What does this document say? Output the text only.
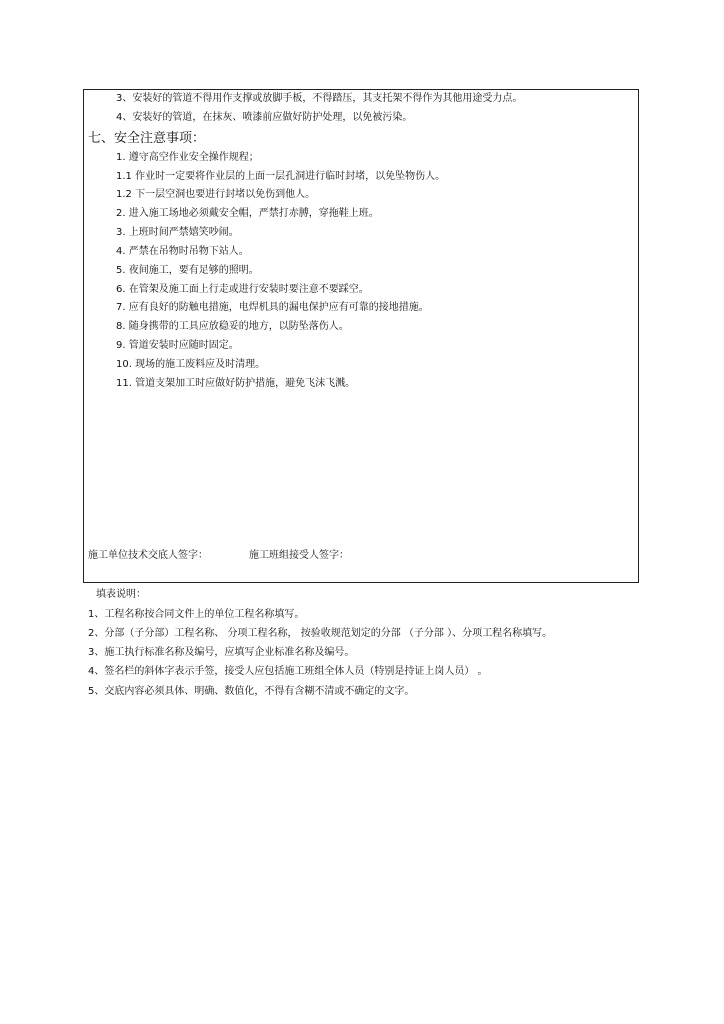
3、安装好的管道不得用作支撑或放脚手板，不得踏压，其支托架不得作为其他用途受力点。
4、安装好的管道，在抹灰、喷漆前应做好防护处理，以免被污染。
七、安全注意事项：
1. 遵守高空作业安全操作规程；
1.1 作业时一定要将作业层的上面一层孔洞进行临时封堵，以免坠物伤人。
1.2 下一层空洞也要进行封堵以免伤到他人。
2. 进入施工场地必须戴安全帽，严禁打赤膊，穿拖鞋上班。
3. 上班时间严禁嬉笑吵闹。
4. 严禁在吊物时吊物下站人。
5. 夜间施工，要有足够的照明。
6. 在管架及施工面上行走或进行安装时要注意不要踩空。
7. 应有良好的防触电措施，电焊机具的漏电保护应有可靠的接地措施。
8. 随身携带的工具应放稳妥的地方，以防坠落伤人。
9. 管道安装时应随时固定。
10. 现场的施工废料应及时清理。
11. 管道支架加工时应做好防护措施，避免飞沫飞溅。
施工单位技术交底人签字：	施工班组接受人签字：
填表说明：
1、工程名称按合同文件上的单位工程名称填写。
2、分部（子分部）工程名称、 分项工程名称， 按验收规范划定的分部 （子分部 ）、分项工程名称填写。
3、施工执行标准名称及编号，应填写企业标准名称及编号。
4、签名栏的斜体字表示手签，接受人应包括施工班组全体人员（特别是持证上岗人员） 。
5、交底内容必须具体、明确、数值化，不得有含糊不清或不确定的文字。
